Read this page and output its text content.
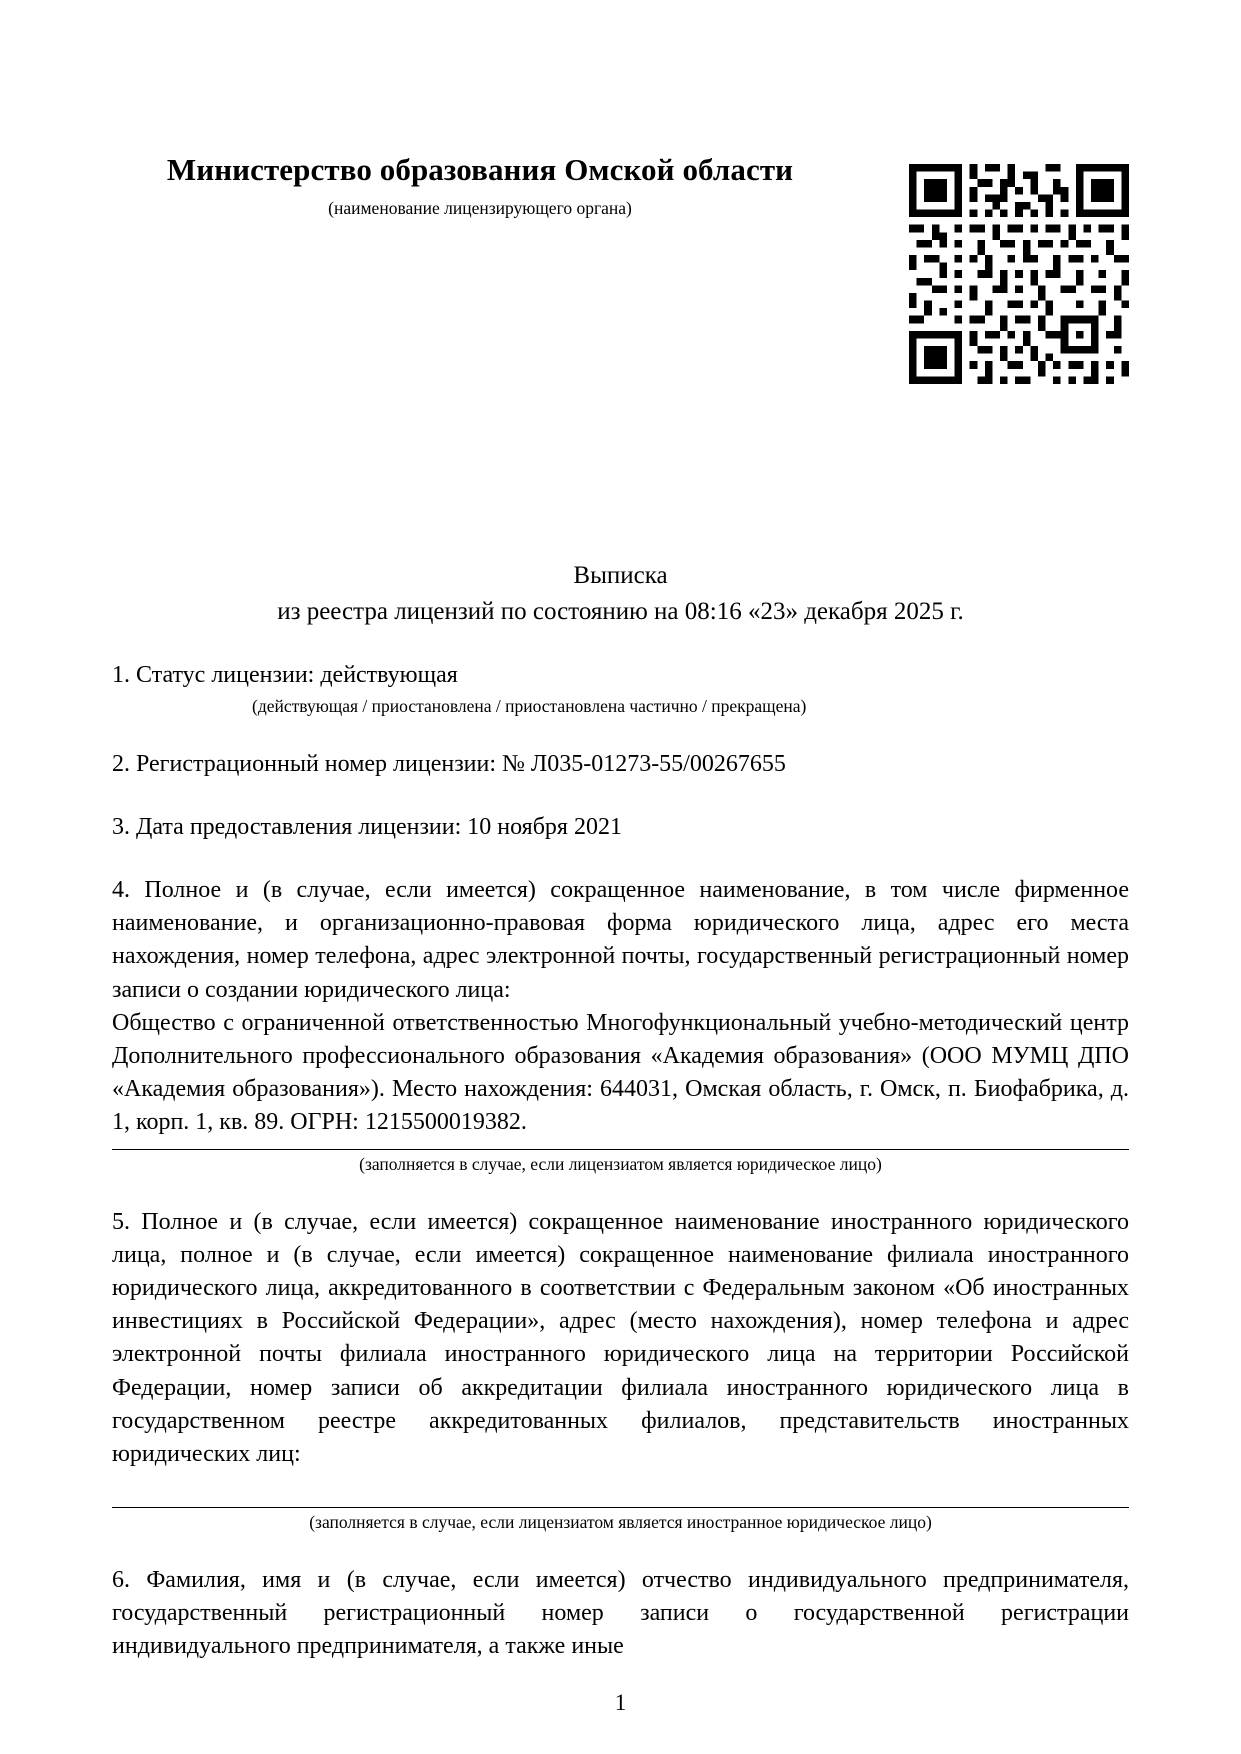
Министерство образования Омской области
(наименование лицензирующего органа)
Выписка
из реестра лицензий по состоянию на 08:16 «23» декабря 2025 г.
1. Статус лицензии: действующая
(действующая / приостановлена / приостановлена частично / прекращена)
2. Регистрационный номер лицензии: № Л035-01273-55/00267655
3. Дата предоставления лицензии: 10 ноября 2021
4. Полное и (в случае, если имеется) сокращенное наименование, в том числе фирменное наименование, и организационно-правовая форма юридического лица, адрес его места нахождения, номер телефона, адрес электронной почты, государственный регистрационный номер записи о создании юридического лица:
Общество с ограниченной ответственностью Многофункциональный учебно-методический центр Дополнительного профессионального образования «Академия образования» (ООО МУМЦ ДПО «Академия образования»). Место нахождения: 644031, Омская область, г. Омск, п. Биофабрика, д. 1, корп. 1, кв. 89. ОГРН: 1215500019382.
(заполняется в случае, если лицензиатом является юридическое лицо)
5. Полное и (в случае, если имеется) сокращенное наименование иностранного юридического лица, полное и (в случае, если имеется) сокращенное наименование филиала иностранного юридического лица, аккредитованного в соответствии с Федеральным законом «Об иностранных инвестициях в Российской Федерации», адрес (место нахождения), номер телефона и адрес электронной почты филиала иностранного юридического лица на территории Российской Федерации, номер записи об аккредитации филиала иностранного юридического лица в государственном реестре аккредитованных филиалов, представительств иностранных юридических лиц:
(заполняется в случае, если лицензиатом является иностранное юридическое лицо)
6. Фамилия, имя и (в случае, если имеется) отчество индивидуального предпринимателя, государственный регистрационный номер записи о государственной регистрации индивидуального предпринимателя, а также иные
1
